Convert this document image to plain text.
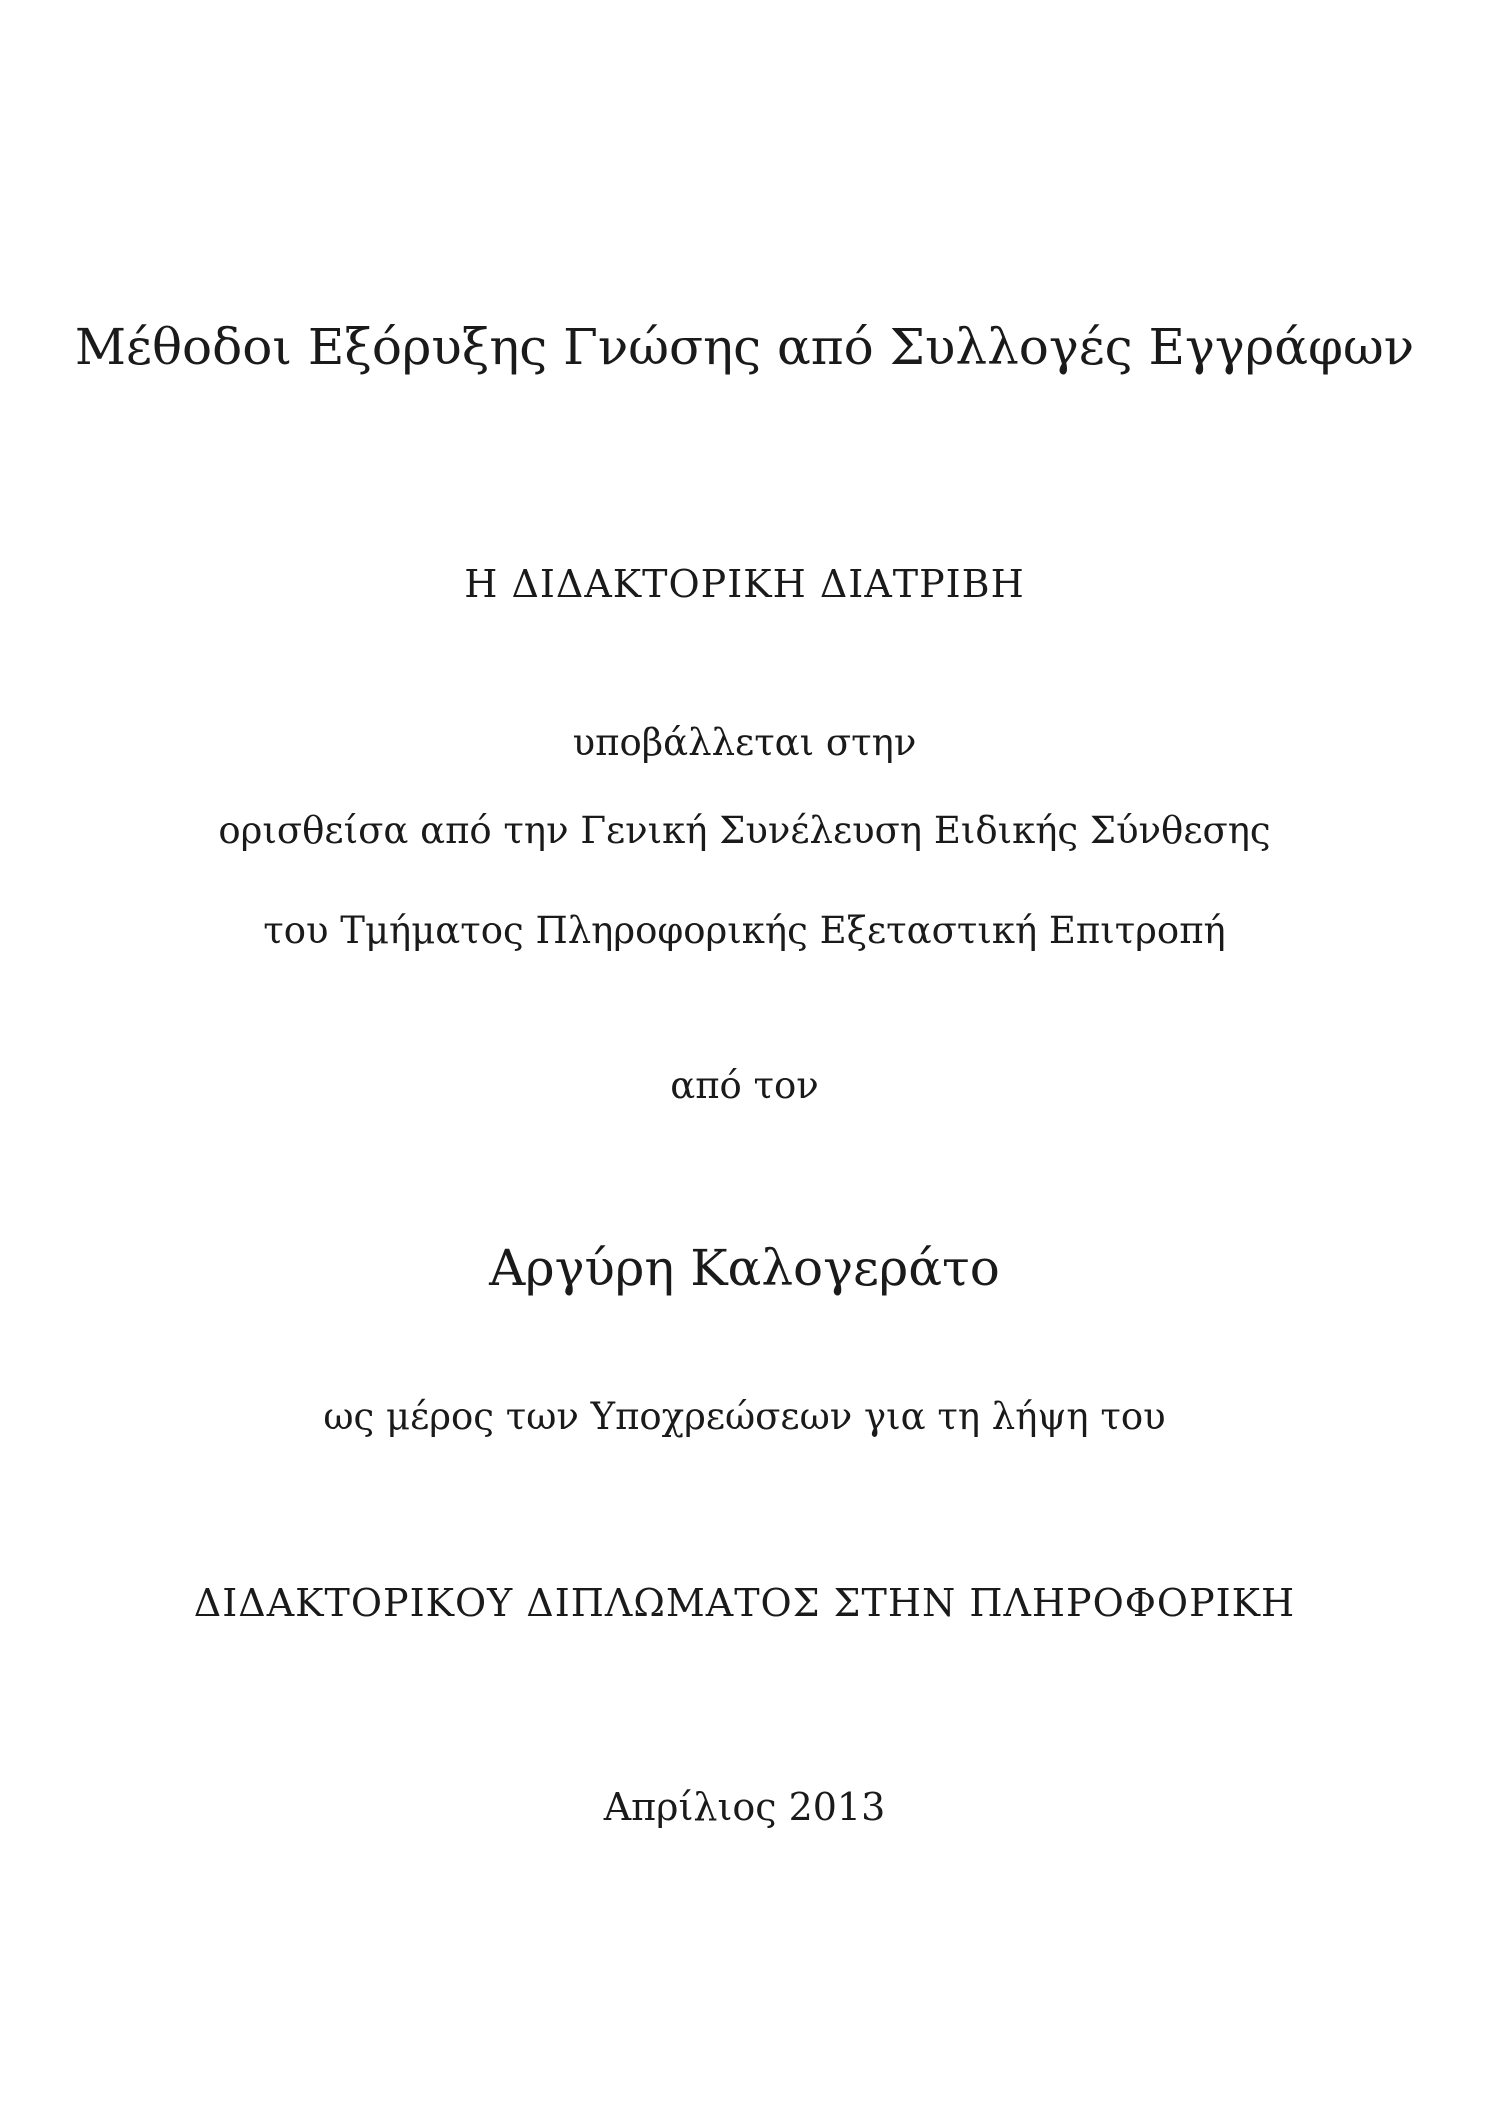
Μέθοδοι Εξόρυξης Γνώσης από Συλλογές Εγγράφων
Η ΔΙΔΑΚΤΟΡΙΚΗ ΔΙΑΤΡΙΒΗ
υποβάλλεται στην
ορισθείσα από την Γενική Συνέλευση Ειδικής Σύνθεσης
του Τμήματος Πληροφορικής Εξεταστική Επιτροπή
από τον
Αργύρη Καλογεράτο
ως μέρος των Υποχρεώσεων για τη λήψη του
ΔΙΔΑΚΤΟΡΙΚΟΥ ΔΙΠΛΩΜΑΤΟΣ ΣΤΗΝ ΠΛΗΡΟΦΟΡΙΚΗ
Απρίλιος 2013
